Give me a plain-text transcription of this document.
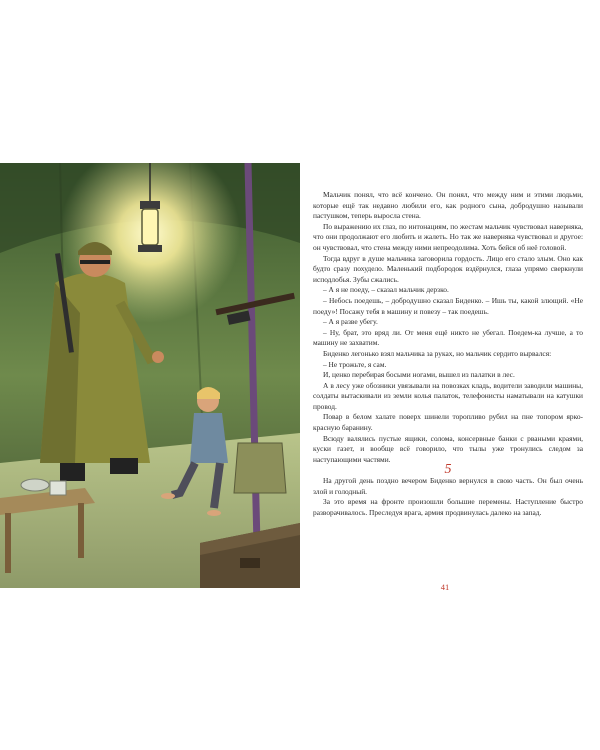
Мальчик понял, что всё кончено. Он понял, что между ним и этими людьми, которые ещё так недавно любили его, как родного сына, добродушно называли пастушком, теперь выросла стена.

По выражению их глаз, по интонациям, по жестам мальчик чувствовал наверняка, что они продолжают его любить и жалеть. Но так же наверняка чувствовал и другое: он чувствовал, что стена между ними непреодолима. Хоть бейся об неё головой.

Тогда вдруг в душе мальчика заговорила гордость. Лицо его стало злым. Оно как будто сразу похудело. Маленький подбородок вздёрнулся, глаза упрямо сверкнули исподлобья. Зубы сжались.

– А я не поеду, – сказал мальчик дерзко.

– Небось поедешь, – добродушно сказал Биденко. – Ишь ты, какой злющий. «Не поеду»! Посажу тебя в машину и повезу – так поедешь.

– А я разве убегу.

– Ну, брат, это вряд ли. От меня ещё никто не убегал. Поедем-ка лучше, а то машину не захватим.

Биденко легонько взял мальчика за руках, но мальчик сердито вырвался:

– Не трожьте, я сам.

И, ценко перебирая босыми ногами, вышел из палатки в лес.

А в лесу уже обозники увязывали на повозках кладь, водители заводили машины, солдаты вытаскивали из земли колья палаток, телефонисты наматывали на катушки провод.

Повар в белом халате поверх шинели торопливо рубил на пне топором ярко-красную баранину.

Всюду валялись пустые ящики, солома, консервные банки с рваными краями, куски газет, и вообще всё говорило, что тылы уже тронулись следом за наступающими частями.

5

На другой день поздно вечером Биденко вернулся в свою часть. Он был очень злой и голодный.

За это время на фронте произошли большие перемены. Наступление быстро разворачивалось. Преследуя врага, армия продвинулась далеко на запад.

41
